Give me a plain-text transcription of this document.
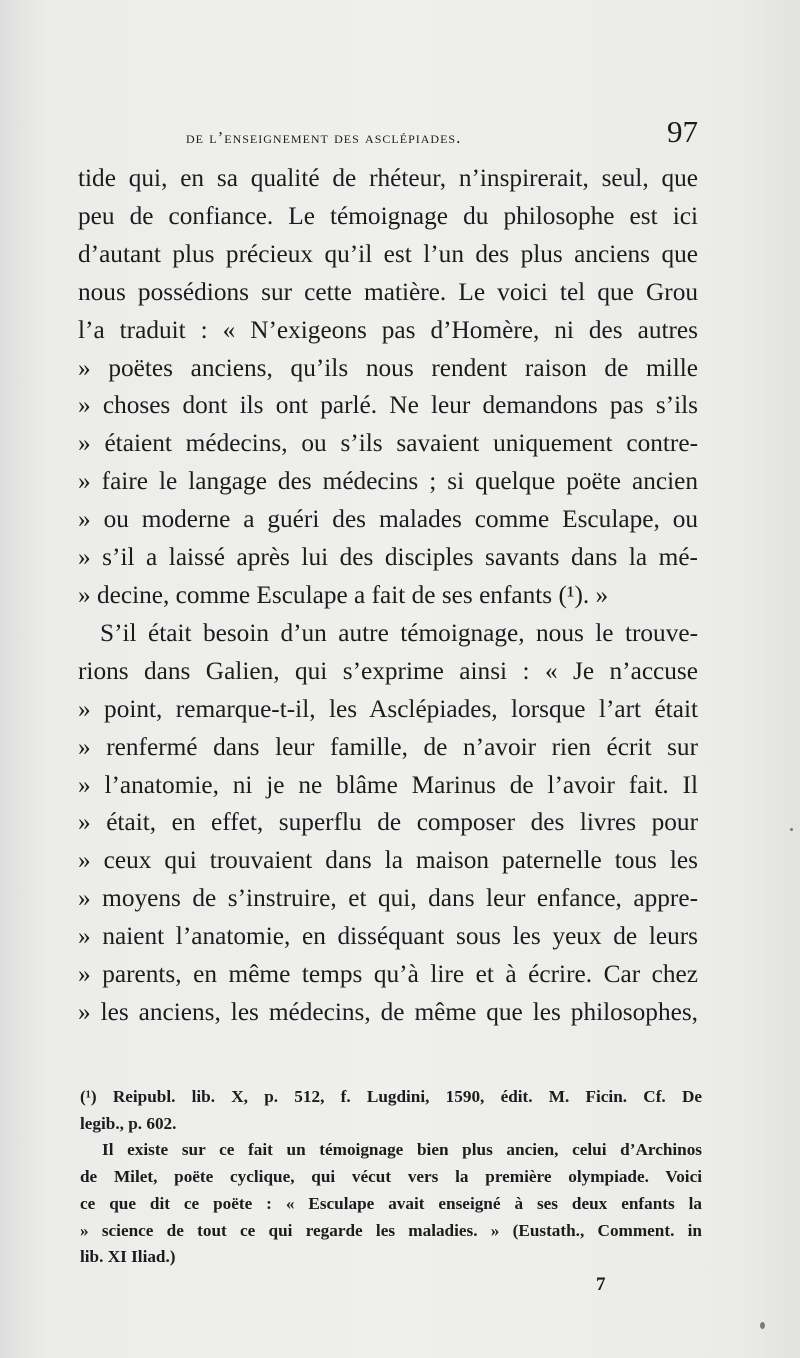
de l’enseignement des asclépiades.	97
tide qui, en sa qualité de rhéteur, n’inspirerait, seul, que
peu de confiance. Le témoignage du philosophe est ici
d’autant plus précieux qu’il est l’un des plus anciens que
nous possédions sur cette matière. Le voici tel que Grou
l’a traduit : « N’exigeons pas d’Homère, ni des autres
» poëtes anciens, qu’ils nous rendent raison de mille
» choses dont ils ont parlé. Ne leur demandons pas s’ils
» étaient médecins, ou s’ils savaient uniquement contre-
» faire le langage des médecins ; si quelque poëte ancien
» ou moderne a guéri des malades comme Esculape, ou
» s’il a laissé après lui des disciples savants dans la mé-
» decine, comme Esculape a fait de ses enfants (¹). »
S’il était besoin d’un autre témoignage, nous le trouve-
rions dans Galien, qui s’exprime ainsi : « Je n’accuse
» point, remarque-t-il, les Asclépiades, lorsque l’art était
» renfermé dans leur famille, de n’avoir rien écrit sur
» l’anatomie, ni je ne blâme Marinus de l’avoir fait. Il
» était, en effet, superflu de composer des livres pour
» ceux qui trouvaient dans la maison paternelle tous les
» moyens de s’instruire, et qui, dans leur enfance, appre-
» naient l’anatomie, en disséquant sous les yeux de leurs
» parents, en même temps qu’à lire et à écrire. Car chez
» les anciens, les médecins, de même que les philosophes,
(¹) Reipubl. lib. X, p. 512, f. Lugdini, 1590, édit. M. Ficin. Cf. De
legib., p. 602.
Il existe sur ce fait un témoignage bien plus ancien, celui d’Archinos
de Milet, poëte cyclique, qui vécut vers la première olympiade. Voici
ce que dit ce poëte : « Esculape avait enseigné à ses deux enfants la
» science de tout ce qui regarde les maladies. » (Eustath., Comment. in
lib. XI Iliad.)
7
